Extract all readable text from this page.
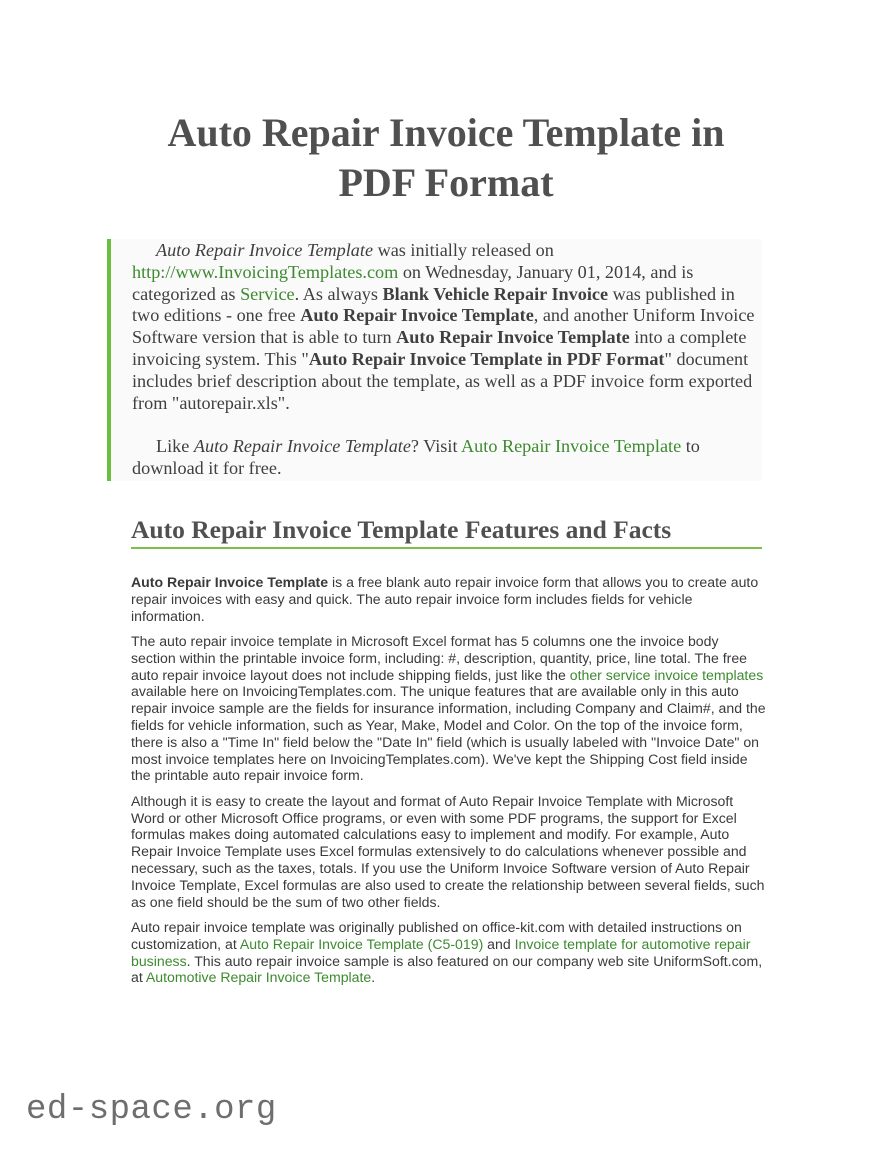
Auto Repair Invoice Template in
PDF Format

Auto Repair Invoice Template was initially released on http://www.InvoicingTemplates.com on Wednesday, January 01, 2014, and is categorized as Service. As always Blank Vehicle Repair Invoice was published in two editions - one free Auto Repair Invoice Template, and another Uniform Invoice Software version that is able to turn Auto Repair Invoice Template into a complete invoicing system. This "Auto Repair Invoice Template in PDF Format" document includes brief description about the template, as well as a PDF invoice form exported from "autorepair.xls".

Like Auto Repair Invoice Template? Visit Auto Repair Invoice Template to download it for free.

Auto Repair Invoice Template Features and Facts

Auto Repair Invoice Template is a free blank auto repair invoice form that allows you to create auto repair invoices with easy and quick. The auto repair invoice form includes fields for vehicle information.

The auto repair invoice template in Microsoft Excel format has 5 columns one the invoice body section within the printable invoice form, including: #, description, quantity, price, line total. The free auto repair invoice layout does not include shipping fields, just like the other service invoice templates available here on InvoicingTemplates.com. The unique features that are available only in this auto repair invoice sample are the fields for insurance information, including Company and Claim#, and the fields for vehicle information, such as Year, Make, Model and Color. On the top of the invoice form, there is also a "Time In" field below the "Date In" field (which is usually labeled with "Invoice Date" on most invoice templates here on InvoicingTemplates.com). We've kept the Shipping Cost field inside the printable auto repair invoice form.

Although it is easy to create the layout and format of Auto Repair Invoice Template with Microsoft Word or other Microsoft Office programs, or even with some PDF programs, the support for Excel formulas makes doing automated calculations easy to implement and modify. For example, Auto Repair Invoice Template uses Excel formulas extensively to do calculations whenever possible and necessary, such as the taxes, totals. If you use the Uniform Invoice Software version of Auto Repair Invoice Template, Excel formulas are also used to create the relationship between several fields, such as one field should be the sum of two other fields.

Auto repair invoice template was originally published on office-kit.com with detailed instructions on customization, at Auto Repair Invoice Template (C5-019) and Invoice template for automotive repair business. This auto repair invoice sample is also featured on our company web site UniformSoft.com, at Automotive Repair Invoice Template.

ed-space.org
